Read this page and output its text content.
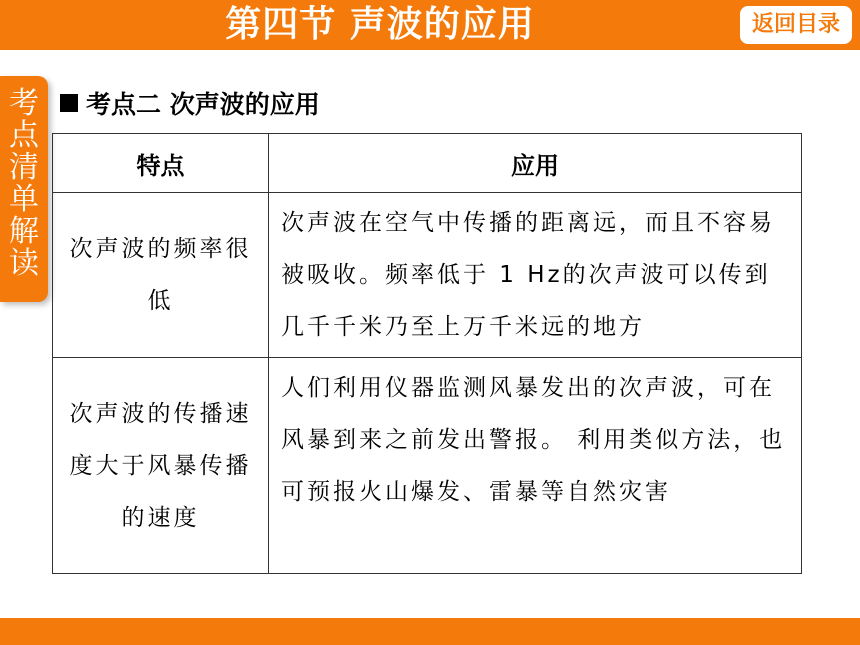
第四节 声波的应用	返回目录
考点清单解读
考点二 次声波的应用
特点	应用
次声波的频率很低	次声波在空气中传播的距离远，而且不容易被吸收。频率低于 1 Hz的次声波可以传到几千千米乃至上万千米远的地方
次声波的传播速度大于风暴传播的速度	人们利用仪器监测风暴发出的次声波，可在风暴到来之前发出警报。 利用类似方法，也可预报火山爆发、雷暴等自然灾害
